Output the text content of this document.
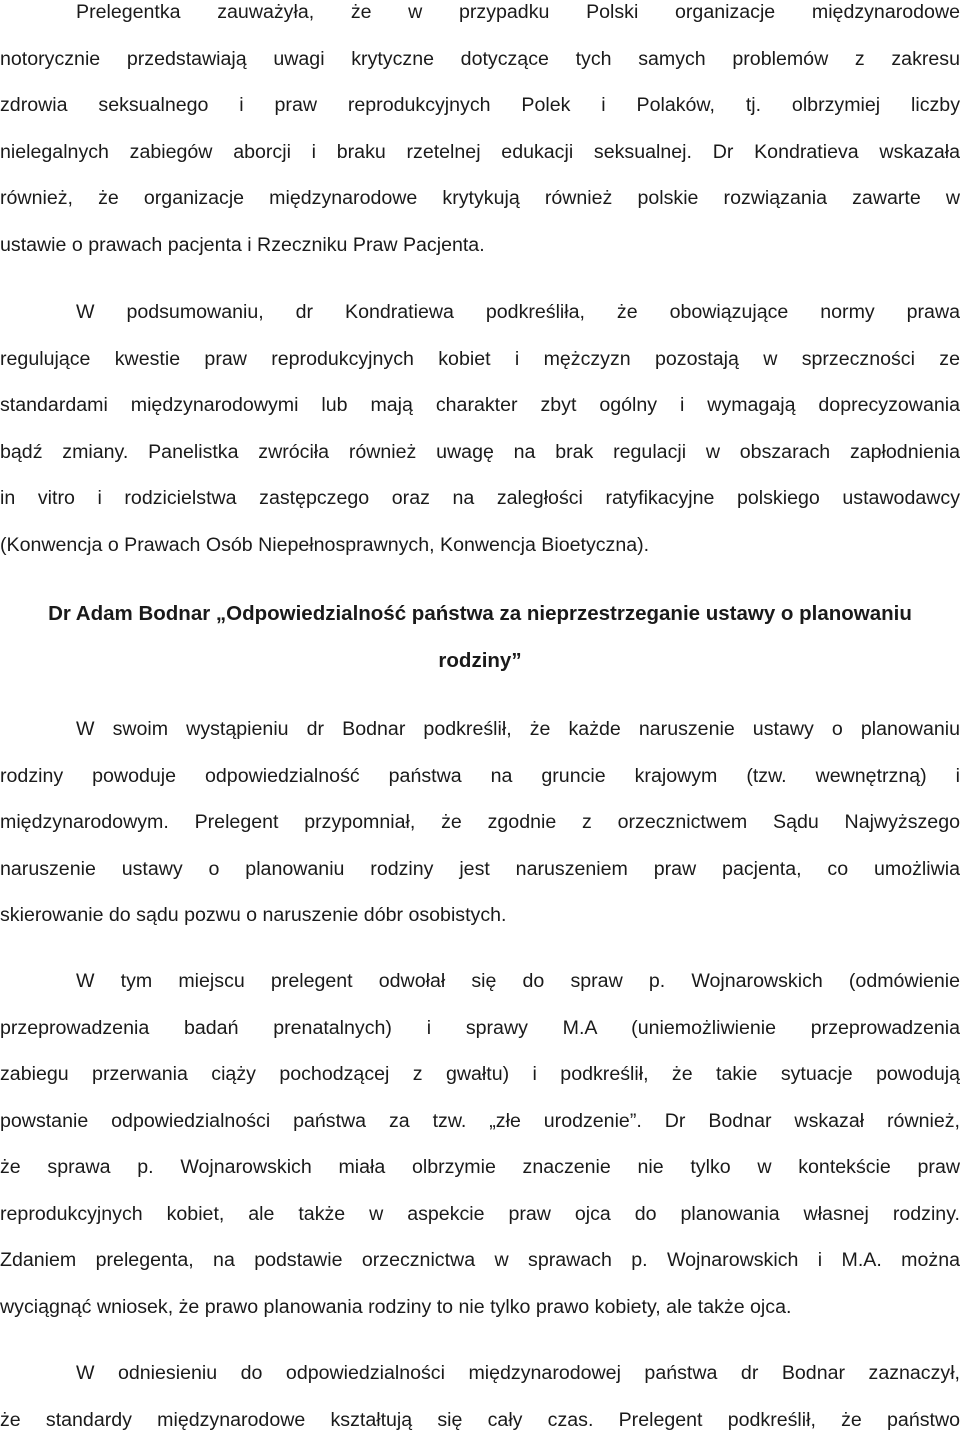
Prelegentka zauważyła, że w przypadku Polski organizacje międzynarodowe
notorycznie przedstawiają uwagi krytyczne dotyczące tych samych problemów z zakresu
zdrowia seksualnego i praw reprodukcyjnych Polek i Polaków, tj. olbrzymiej liczby
nielegalnych zabiegów aborcji i braku rzetelnej edukacji seksualnej. Dr Kondratieva wskazała
również, że organizacje międzynarodowe krytykują również polskie rozwiązania zawarte w
ustawie o prawach pacjenta i Rzeczniku Praw Pacjenta.
W podsumowaniu, dr Kondratiewa podkreśliła, że obowiązujące normy prawa
regulujące kwestie praw reprodukcyjnych kobiet i mężczyzn pozostają w sprzeczności ze
standardami międzynarodowymi lub mają charakter zbyt ogólny i wymagają doprecyzowania
bądź zmiany. Panelistka zwróciła również uwagę na brak regulacji w obszarach zapłodnienia
in vitro i rodzicielstwa zastępczego oraz na zaległości ratyfikacyjne polskiego ustawodawcy
(Konwencja o Prawach Osób Niepełnosprawnych, Konwencja Bioetyczna).
Dr Adam Bodnar „Odpowiedzialność państwa za nieprzestrzeganie ustawy o planowaniu
rodziny”
W swoim wystąpieniu dr Bodnar podkreślił, że każde naruszenie ustawy o planowaniu
rodziny powoduje odpowiedzialność państwa na gruncie krajowym (tzw. wewnętrzną) i
międzynarodowym. Prelegent przypomniał, że zgodnie z orzecznictwem Sądu Najwyższego
naruszenie ustawy o planowaniu rodziny jest naruszeniem praw pacjenta, co umożliwia
skierowanie do sądu pozwu o naruszenie dóbr osobistych.
W tym miejscu prelegent odwołał się do spraw p. Wojnarowskich (odmówienie
przeprowadzenia badań prenatalnych) i sprawy M.A (uniemożliwienie przeprowadzenia
zabiegu przerwania ciąży pochodzącej z gwałtu) i podkreślił, że takie sytuacje powodują
powstanie odpowiedzialności państwa za tzw. „złe urodzenie”. Dr Bodnar wskazał również,
że sprawa p. Wojnarowskich miała olbrzymie znaczenie nie tylko w kontekście praw
reprodukcyjnych kobiet, ale także w aspekcie praw ojca do planowania własnej rodziny.
Zdaniem prelegenta, na podstawie orzecznictwa w sprawach p. Wojnarowskich i M.A. można
wyciągnąć wniosek, że prawo planowania rodziny to nie tylko prawo kobiety, ale także ojca.
W odniesieniu do odpowiedzialności międzynarodowej państwa dr Bodnar zaznaczył,
że standardy międzynarodowe kształtują się cały czas. Prelegent podkreślił, że państwo
